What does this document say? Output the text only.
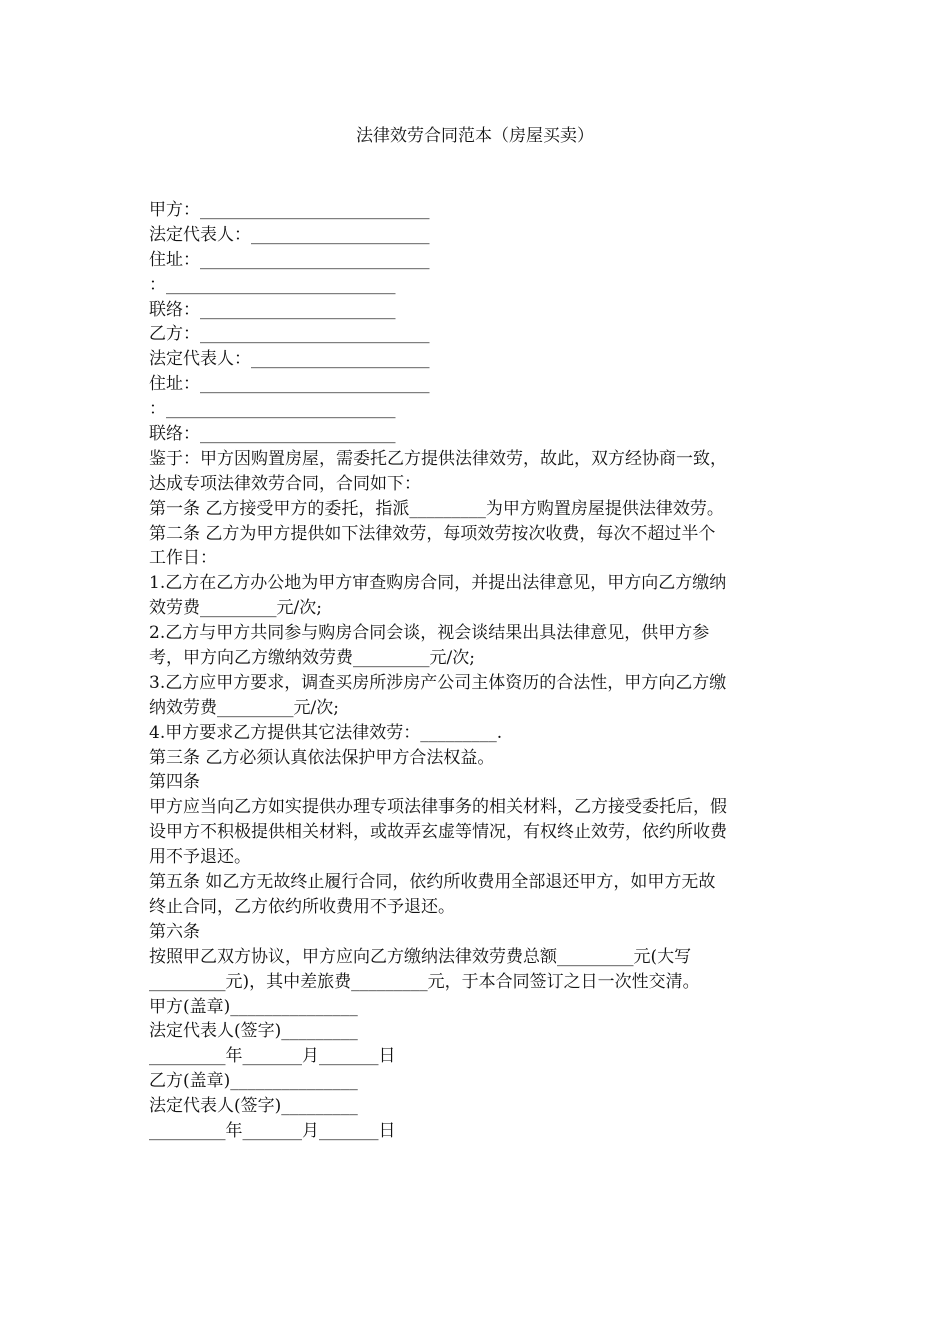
法律效劳合同范本（房屋买卖）
甲方：___________________________
法定代表人：_____________________
住址：___________________________
：___________________________
联络：_______________________
乙方：___________________________
法定代表人：_____________________
住址：___________________________
：___________________________
联络：_______________________
鉴于：甲方因购置房屋，需委托乙方提供法律效劳，故此，双方经协商一致，
达成专项法律效劳合同，合同如下：
第一条 乙方接受甲方的委托，指派_________为甲方购置房屋提供法律效劳。
第二条 乙方为甲方提供如下法律效劳，每项效劳按次收费，每次不超过半个
工作日：
1.乙方在乙方办公地为甲方审查购房合同，并提出法律意见，甲方向乙方缴纳
效劳费_________元/次;
2.乙方与甲方共同参与购房合同会谈，视会谈结果出具法律意见，供甲方参
考，甲方向乙方缴纳效劳费_________元/次;
3.乙方应甲方要求，调查买房所涉房产公司主体资历的合法性，甲方向乙方缴
纳效劳费_________元/次;
4.甲方要求乙方提供其它法律效劳：_________.
第三条 乙方必须认真依法保护甲方合法权益。
第四条
甲方应当向乙方如实提供办理专项法律事务的相关材料，乙方接受委托后，假
设甲方不积极提供相关材料，或故弄玄虚等情况，有权终止效劳，依约所收费
用不予退还。
第五条 如乙方无故终止履行合同，依约所收费用全部退还甲方，如甲方无故
终止合同，乙方依约所收费用不予退还。
第六条
按照甲乙双方协议，甲方应向乙方缴纳法律效劳费总额_________元(大写
_________元)，其中差旅费_________元，于本合同签订之日一次性交清。
甲方(盖章)_______________
法定代表人(签字)_________
_________年_______月_______日
乙方(盖章)_______________
法定代表人(签字)_________
_________年_______月_______日
